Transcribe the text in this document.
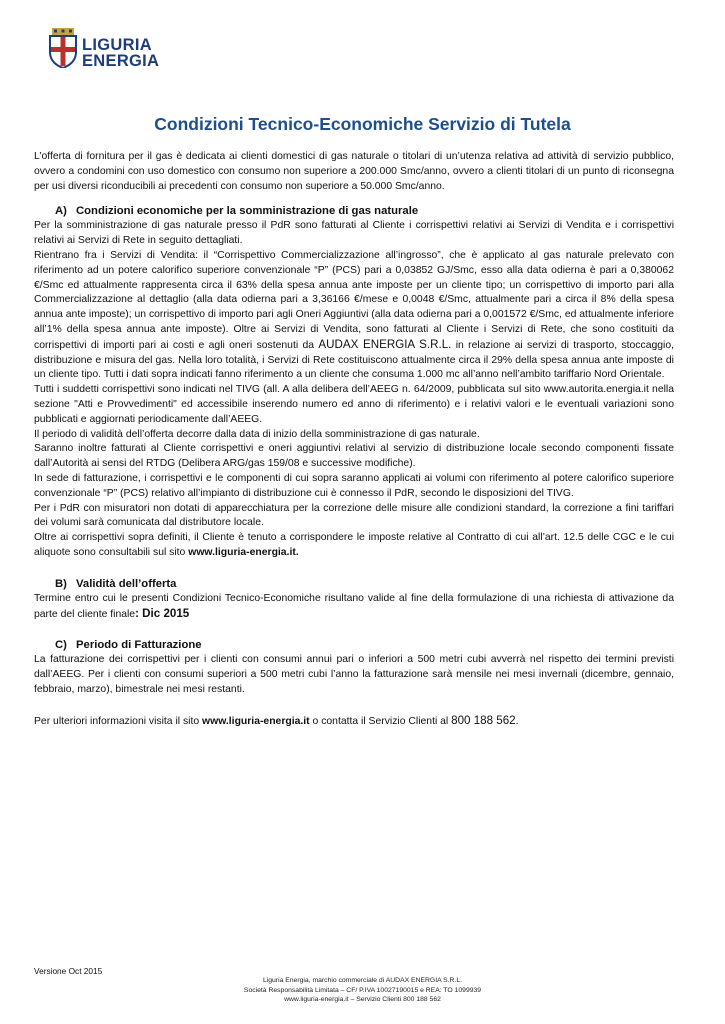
LIGURIA
ENERGIA
Condizioni Tecnico-Economiche Servizio di Tutela

L’offerta di fornitura per il gas è dedicata ai clienti domestici di gas naturale o titolari di un’utenza relativa ad attività di servizio pubblico, ovvero a condomini con uso domestico con consumo non superiore a 200.000 Smc/anno, ovvero a clienti titolari di un punto di riconsegna per usi diversi riconducibili ai precedenti con consumo non superiore a 50.000 Smc/anno.

A) Condizioni economiche per la somministrazione di gas naturale

Per la somministrazione di gas naturale presso il PdR sono fatturati al Cliente i corrispettivi relativi ai Servizi di Vendita e i corrispettivi relativi ai Servizi di Rete in seguito dettagliati.

Rientrano fra i Servizi di Vendita: il “Corrispettivo Commercializzazione all’ingrosso”, che è applicato al gas naturale prelevato con riferimento ad un potere calorifico superiore convenzionale “P” (PCS) pari a 0,03852 GJ/Smc, esso alla data odierna è pari a 0,380062 €/Smc ed attualmente rappresenta circa il 63% della spesa annua ante imposte per un cliente tipo; un corrispettivo di importo pari alla Commercializzazione al dettaglio (alla data odierna pari a 3,36166 €/mese e 0,0048 €/Smc, attualmente pari a circa il 8% della spesa annua ante imposte); un corrispettivo di importo pari agli Oneri Aggiuntivi (alla data odierna pari a 0,001572 €/Smc, ed attualmente inferiore all’1% della spesa annua ante imposte). Oltre ai Servizi di Vendita, sono fatturati al Cliente i Servizi di Rete, che sono costituiti da corrispettivi di importi pari ai costi e agli oneri sostenuti da AUDAX ENERGIA S.R.L. in relazione ai servizi di trasporto, stoccaggio, distribuzione e misura del gas. Nella loro totalità, i Servizi di Rete costituiscono attualmente circa il 29% della spesa annua ante imposte di un cliente tipo. Tutti i dati sopra indicati fanno riferimento a un cliente che consuma 1.000 mc all’anno nell’ambito tariffario Nord Orientale.

Tutti i suddetti corrispettivi sono indicati nel TIVG (all. A alla delibera dell’AEEG n. 64/2009, pubblicata sul sito www.autorita.energia.it nella sezione "Atti e Provvedimenti" ed accessibile inserendo numero ed anno di riferimento) e i relativi valori e le eventuali variazioni sono pubblicati e aggiornati periodicamente dall’AEEG.

Il periodo di validità dell’offerta decorre dalla data di inizio della somministrazione di gas naturale.

Saranno inoltre fatturati al Cliente corrispettivi e oneri aggiuntivi relativi al servizio di distribuzione locale secondo componenti fissate dall’Autorità ai sensi del RTDG (Delibera ARG/gas 159/08 e successive modifiche).

In sede di fatturazione, i corrispettivi e le componenti di cui sopra saranno applicati ai volumi con riferimento al potere calorifico superiore convenzionale “P” (PCS) relativo all’impianto di distribuzione cui è connesso il PdR, secondo le disposizioni del TIVG.

Per i PdR con misuratori non dotati di apparecchiatura per la correzione delle misure alle condizioni standard, la correzione a fini tariffari dei volumi sarà comunicata dal distributore locale.

Oltre ai corrispettivi sopra definiti, il Cliente è tenuto a corrispondere le imposte relative al Contratto di cui all’art. 12.5 delle CGC e le cui aliquote sono consultabili sul sito www.liguria-energia.it.

B) Validità dell’offerta

Termine entro cui le presenti Condizioni Tecnico-Economiche risultano valide al fine della formulazione di una richiesta di attivazione da parte del cliente finale: Dic 2015

C) Periodo di Fatturazione

La fatturazione dei corrispettivi per i clienti con consumi annui pari o inferiori a 500 metri cubi avverrà nel rispetto dei termini previsti dall’AEEG. Per i clienti con consumi superiori a 500 metri cubi l’anno la fatturazione sarà mensile nei mesi invernali (dicembre, gennaio, febbraio, marzo), bimestrale nei mesi restanti.

Per ulteriori informazioni visita il sito www.liguria-energia.it o contatta il Servizio Clienti al 800 188 562.

Versione Oct 2015
Liguria Energia, marchio commerciale di AUDAX ENERGIA S.R.L.
Società Responsabilità Limitata – CF/ P.IVA 10027190015 e REA: TO 1099939
www.liguria-energia.it – Servizio Clienti 800 188 562
